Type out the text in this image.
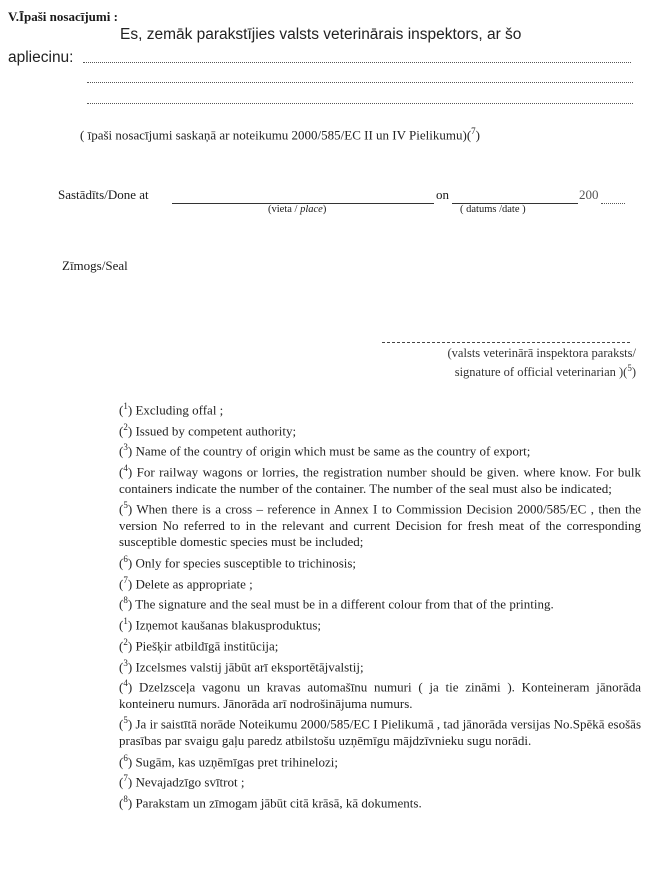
V.Īpaši nosacījumi :
Es, zemāk parakstījies valsts veterinārais inspektors, ar šo
apliecinu:
( īpaši nosacījumi saskaņā ar noteikumu 2000/585/EC II un IV Pielikumu)($^7$)
Sastādīts/Done at	on	200
(vieta / place)	( datums /date )
Zīmogs/Seal
(valsts veterinārā inspektora paraksts/
signature of official veterinarian )($^5$)

($^1$) Excluding offal ;

($^2$) Issued by competent authority;

($^3$) Name of the country of origin which must be same as the country of export;

($^4$) For railway wagons or lorries, the registration number should be given. where know. For bulk containers indicate the number of the container. The number of the seal must also be indicated;

($^5$) When there is a cross – reference in Annex I to Commission Decision 2000/585/EC , then the version No referred to in the relevant and current Decision for fresh meat of the corresponding susceptible domestic species must be included;

($^6$) Only for species susceptible to trichinosis;

($^7$) Delete as appropriate ;

($^8$) The signature and the seal must be in a different colour from that of the printing.

($^1$) Izņemot kaušanas blakusproduktus;

($^2$) Piešķir atbildīgā institūcija;

($^3$) Izcelsmes valstij jābūt arī eksportētājvalstij;

($^4$) Dzelzsceļa vagonu un kravas automašīnu numuri ( ja tie zināmi ). Konteineram jānorāda konteineru numurs. Jānorāda arī nodrošinājuma numurs.

($^5$) Ja ir saistītā norāde Noteikumu 2000/585/EC I Pielikumā , tad jānorāda versijas No.Spēkā esošās prasības par svaigu gaļu paredz atbilstošu uzņēmīgu mājdzīvnieku sugu norādi.

($^6$) Sugām, kas uzņēmīgas pret trihinelozi;

($^7$) Nevajadzīgo svītrot ;

($^8$) Parakstam un zīmogam jābūt citā krāsā, kā dokuments.
